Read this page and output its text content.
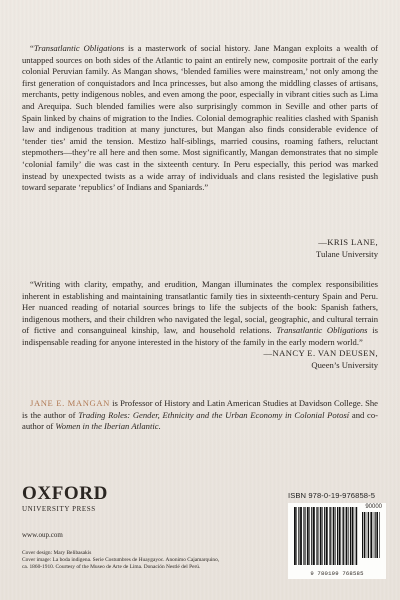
“Transatlantic Obligations is a masterwork of social history. Jane Mangan exploits a wealth of untapped sources on both sides of the Atlantic to paint an entirely new, composite portrait of the early colonial Peruvian family. As Mangan shows, ‘blended families were mainstream,’ not only among the first generation of conquistadors and Inca princesses, but also among the middling classes of artisans, merchants, petty indigenous nobles, and even among the poor, especially in vibrant cities such as Lima and Arequipa. Such blended families were also surprisingly common in Seville and other parts of Spain linked by chains of migration to the Indies. Colonial demographic realities clashed with Spanish law and indigenous tradition at many junctures, but Mangan also finds considerable evidence of ‘tender ties’ amid the tension. Mestizo half-siblings, married cousins, roaming fathers, reluctant stepmothers—they’re all here and then some. Most significantly, Mangan demonstrates that no simple ‘colonial family’ die was cast in the sixteenth century. In Peru especially, this period was marked instead by unexpected twists as a wide array of individuals and clans resisted the legislative push toward separate ‘republics’ of Indians and Spaniards.”

—KRIS LANE,
Tulane University

“Writing with clarity, empathy, and erudition, Mangan illuminates the complex responsibilities inherent in establishing and maintaining transatlantic family ties in sixteenth-century Spain and Peru. Her nuanced reading of notarial sources brings to life the subjects of the book: Spanish fathers, indigenous mothers, and their children who navigated the legal, social, geographic, and cultural terrain of fictive and consanguineal kinship, law, and household relations. Transatlantic Obligations is indispensable reading for anyone interested in the history of the family in the early modern world.”

—NANCY E. VAN DEUSEN,
Queen’s University

JANE E. MANGAN is Professor of History and Latin American Studies at Davidson College. She is the author of Trading Roles: Gender, Ethnicity and the Urban Economy in Colonial Potosí and co-author of Women in the Iberian Atlantic.

OXFORD
UNIVERSITY PRESS
www.oup.com
Cover design: Mary Belibasakis
Cover image: La boda indigena. Serie Costumbres de Huaygayoc. Anonimo Cajamarquino,
ca. 1860-1910. Courtesy of the Museo de Arte de Lima. Donación Nestlé del Perú.
ISBN 978-0-19-976858-5
90000
9 780199 768585
